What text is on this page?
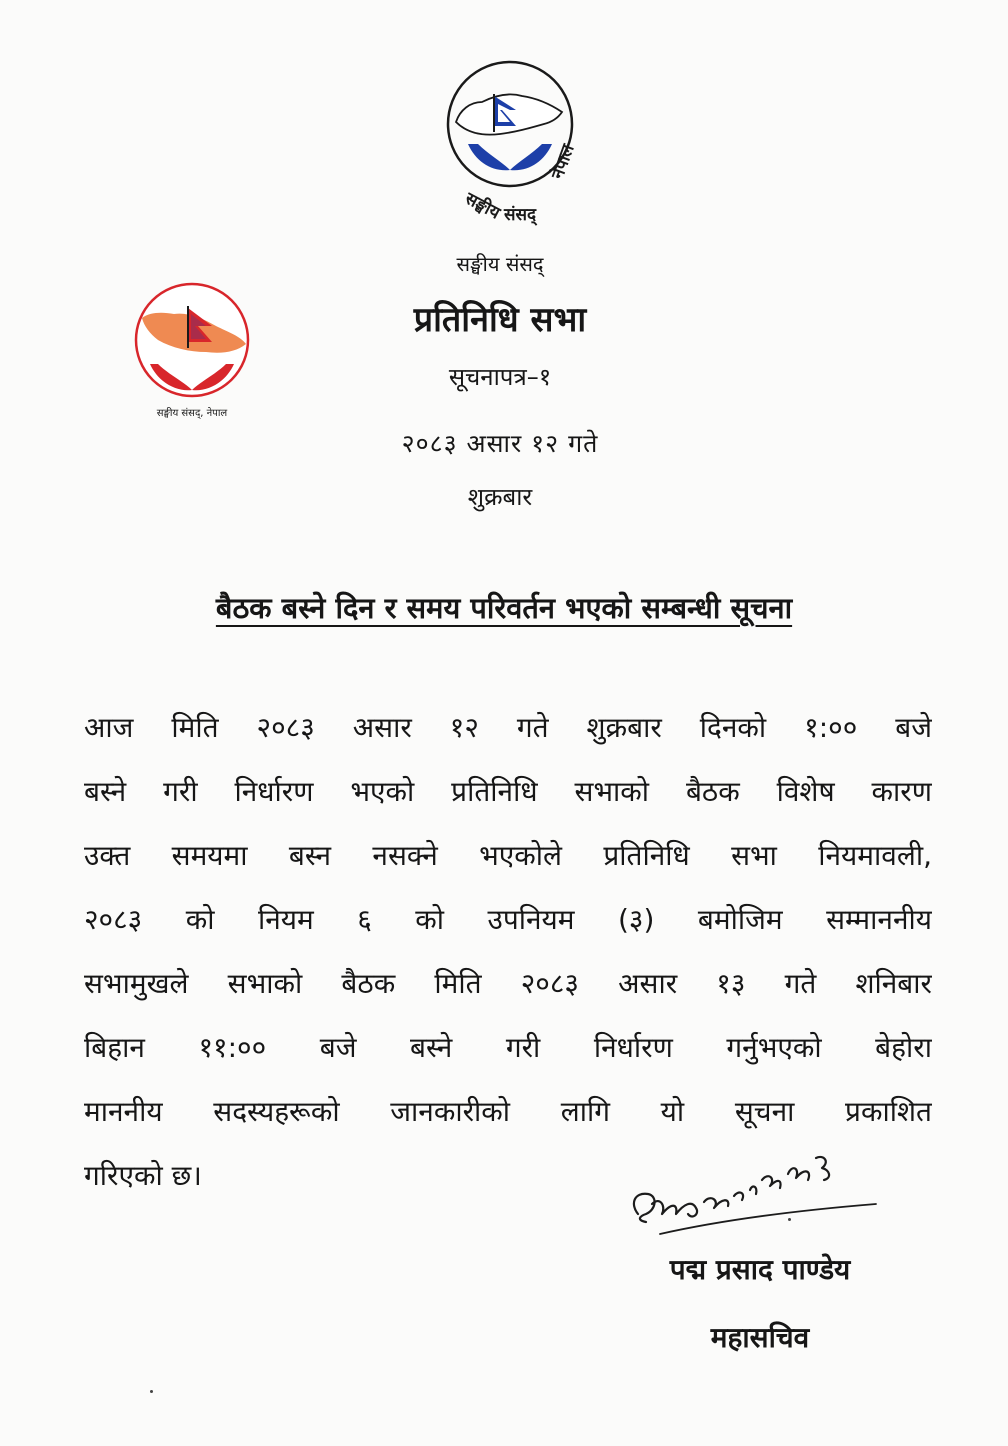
सङ्घीय संसद्
नेपाल
सङ्घीय संसद्, नेपाल
सङ्घीय संसद्
प्रतिनिधि सभा
सूचनापत्र–१
२०८३ असार १२ गते
शुक्रबार
बैठक बस्ने दिन र समय परिवर्तन भएको सम्बन्धी सूचना
आज मिति २०८३ असार १२ गते शुक्रबार दिनको १:०० बजे
बस्ने गरी निर्धारण भएको प्रतिनिधि सभाको बैठक विशेष कारण
उक्त समयमा बस्न नसक्ने भएकोले प्रतिनिधि सभा नियमावली,
२०८३ को नियम ६ को उपनियम (३) बमोजिम सम्माननीय
सभामुखले सभाको बैठक मिति २०८३ असार १३ गते शनिबार
बिहान ११:०० बजे बस्ने गरी निर्धारण गर्नुभएको बेहोरा
माननीय सदस्यहरूको जानकारीको लागि यो सूचना प्रकाशित
गरिएको छ।
पद्म प्रसाद पाण्डेय
महासचिव
